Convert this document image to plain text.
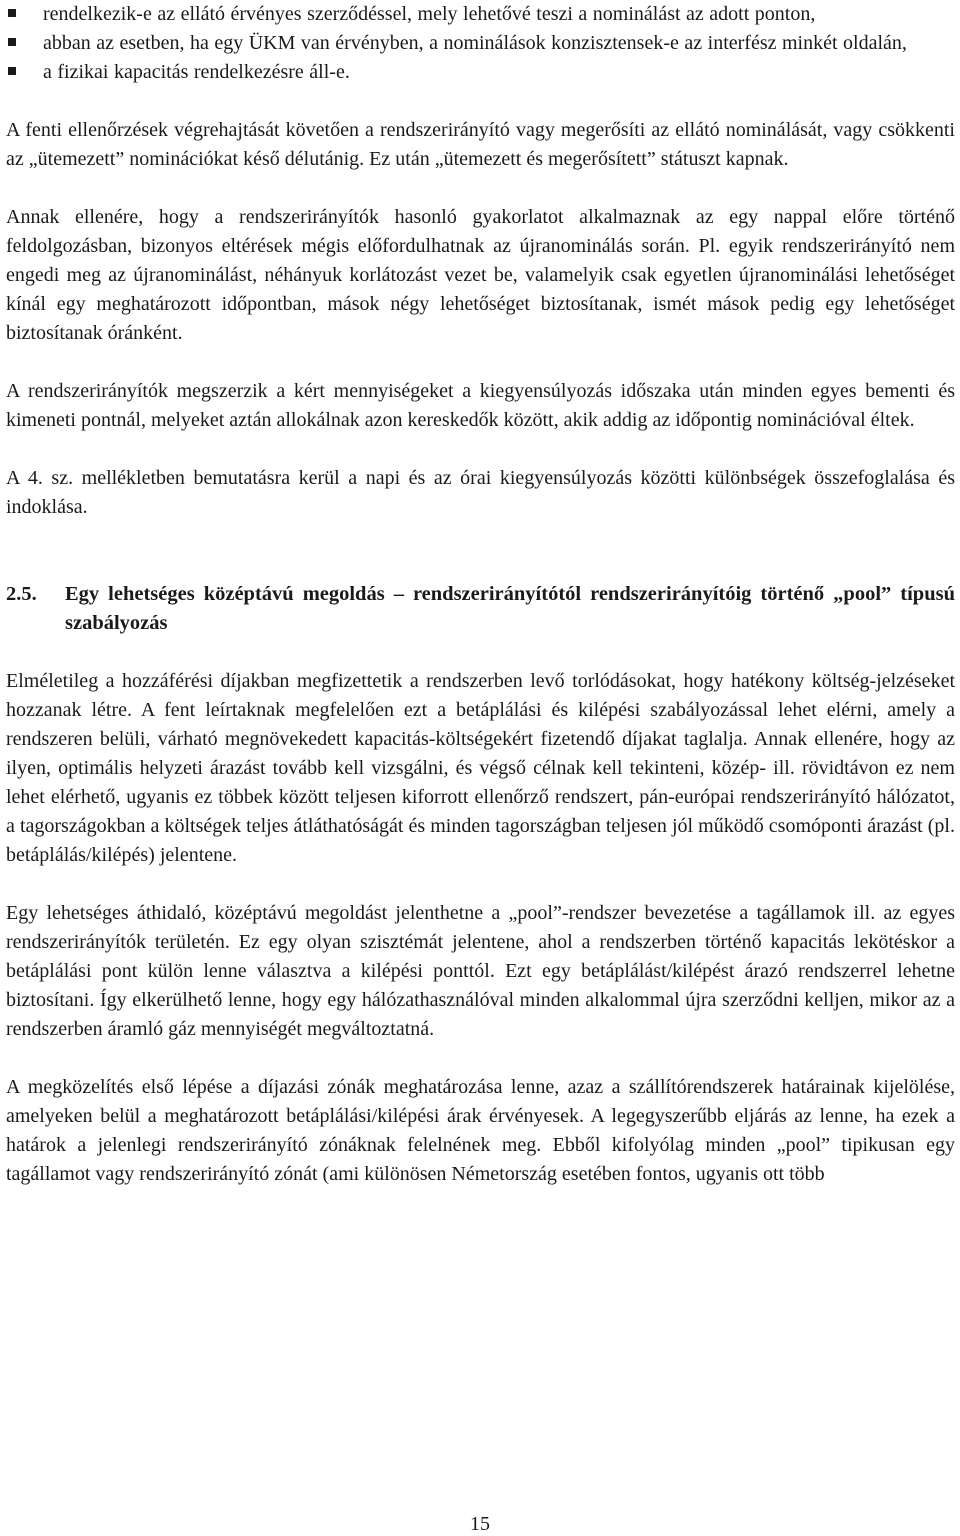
rendelkezik-e az ellátó érvényes szerződéssel, mely lehetővé teszi a nominálást az adott ponton,
abban az esetben, ha egy ÜKM van érvényben, a nominálások konzisztensek-e az interfész minkét oldalán,
a fizikai kapacitás rendelkezésre áll-e.

A fenti ellenőrzések végrehajtását követően a rendszerirányító vagy megerősíti az ellátó nominálását, vagy csökkenti az „ütemezett” nominációkat késő délutánig. Ez után „ütemezett és megerősített” státuszt kapnak.

Annak ellenére, hogy a rendszerirányítók hasonló gyakorlatot alkalmaznak az egy nappal előre történő feldolgozásban, bizonyos eltérések mégis előfordulhatnak az újranominálás során. Pl. egyik rendszerirányító nem engedi meg az újranominálást, néhányuk korlátozást vezet be, valamelyik csak egyetlen újranominálási lehetőséget kínál egy meghatározott időpontban, mások négy lehetőséget biztosítanak, ismét mások pedig egy lehetőséget biztosítanak óránként.

A rendszerirányítók megszerzik a kért mennyiségeket a kiegyensúlyozás időszaka után minden egyes bementi és kimeneti pontnál, melyeket aztán allokálnak azon kereskedők között, akik addig az időpontig nominációval éltek.

A 4. sz. mellékletben bemutatásra kerül a napi és az órai kiegyensúlyozás közötti különbségek összefoglalása és indoklása.

2.5.	Egy lehetséges középtávú megoldás – rendszerirányítótól rendszerirányítóig történő „pool” típusú szabályozás

Elméletileg a hozzáférési díjakban megfizettetik a rendszerben levő torlódásokat, hogy hatékony költség-jelzéseket hozzanak létre. A fent leírtaknak megfelelően ezt a betáplálási és kilépési szabályozással lehet elérni, amely a rendszeren belüli, várható megnövekedett kapacitás-költségekért fizetendő díjakat taglalja. Annak ellenére, hogy az ilyen, optimális helyzeti árazást tovább kell vizsgálni, és végső célnak kell tekinteni, közép- ill. rövidtávon ez nem lehet elérhető, ugyanis ez többek között teljesen kiforrott ellenőrző rendszert, pán-európai rendszerirányító hálózatot, a tagországokban a költségek teljes átláthatóságát és minden tagországban teljesen jól működő csomóponti árazást (pl. betáplálás/kilépés) jelentene.

Egy lehetséges áthidaló, középtávú megoldást jelenthetne a „pool”-rendszer bevezetése a tagállamok ill. az egyes rendszerirányítók területén. Ez egy olyan szisztémát jelentene, ahol a rendszerben történő kapacitás lekötéskor a betáplálási pont külön lenne választva a kilépési ponttól. Ezt egy betáplálást/kilépést árazó rendszerrel lehetne biztosítani. Így elkerülhető lenne, hogy egy hálózathasználóval minden alkalommal újra szerződni kelljen, mikor az a rendszerben áramló gáz mennyiségét megváltoztatná.

A megközelítés első lépése a díjazási zónák meghatározása lenne, azaz a szállítórendszerek határainak kijelölése, amelyeken belül a meghatározott betáplálási/kilépési árak érvényesek. A legegyszerűbb eljárás az lenne, ha ezek a határok a jelenlegi rendszerirányító zónáknak felelnének meg. Ebből kifolyólag minden „pool” tipikusan egy tagállamot vagy rendszerirányító zónát (ami különösen Németország esetében fontos, ugyanis ott több

15
